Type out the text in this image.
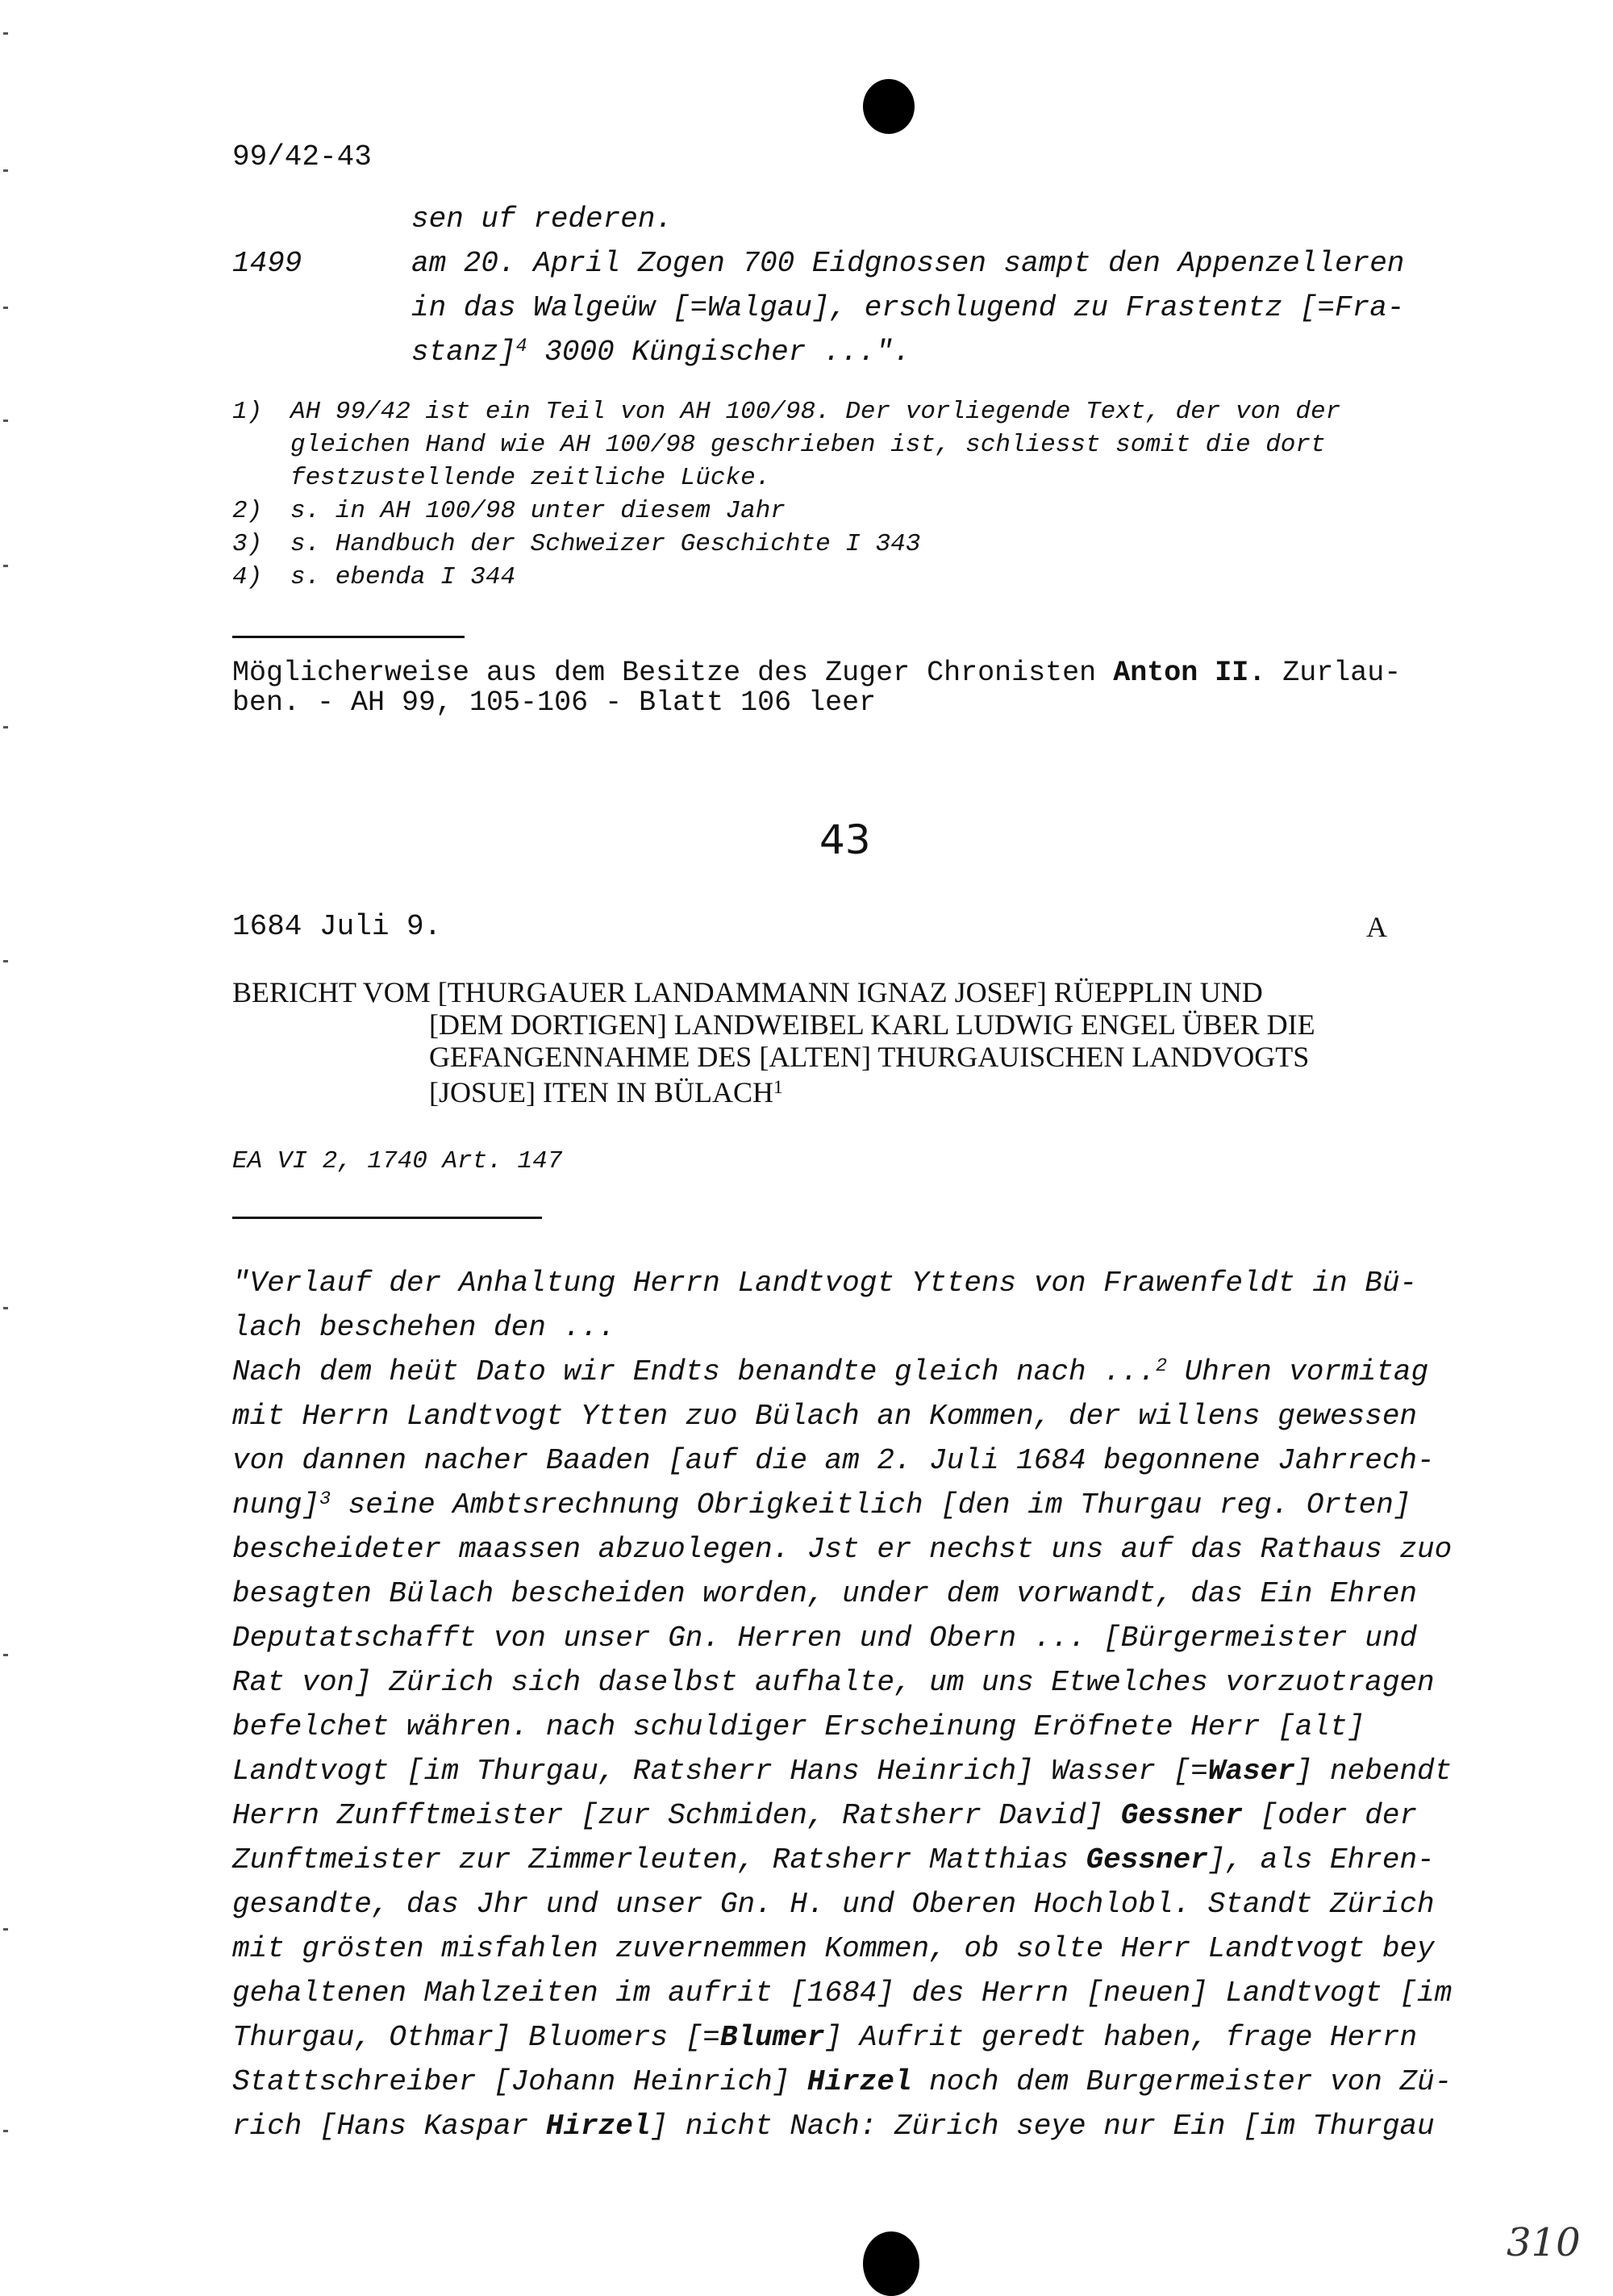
99/42-43
sen uf rederen.
1499	am 20. April Zogen 700 Eidgnossen sampt den Appenzelleren
in das Walgeüw [=Walgau], erschlugend zu Frastentz [=Fra-
stanz]$^4$ 3000 Küngischer ...".
1) AH 99/42 ist ein Teil von AH 100/98. Der vorliegende Text, der von der
gleichen Hand wie AH 100/98 geschrieben ist, schliesst somit die dort
festzustellende zeitliche Lücke.
2) s. in AH 100/98 unter diesem Jahr
3) s. Handbuch der Schweizer Geschichte I 343
4) s. ebenda I 344
Möglicherweise aus dem Besitze des Zuger Chronisten Anton II. Zurlau-
ben. - AH 99, 105-106 - Blatt 106 leer
43
1684 Juli 9.	A
BERICHT VOM [THURGAUER LANDAMMANN IGNAZ JOSEF] RÜEPPLIN UND
[DEM DORTIGEN] LANDWEIBEL KARL LUDWIG ENGEL ÜBER DIE
GEFANGENNAHME DES [ALTEN] THURGAUISCHEN LANDVOGTS
[JOSUE] ITEN IN BÜLACH$^1$
EA VI 2, 1740 Art. 147
"Verlauf der Anhaltung Herrn Landtvogt Yttens von Frawenfeldt in Bü-
lach beschehen den ...
Nach dem heüt Dato wir Endts benandte gleich nach ...$^2$ Uhren vormitag
mit Herrn Landtvogt Ytten zuo Bülach an Kommen, der willens gewessen
von dannen nacher Baaden [auf die am 2. Juli 1684 begonnene Jahrrech-
nung]$^3$ seine Ambtsrechnung Obrigkeitlich [den im Thurgau reg. Orten]
bescheideter maassen abzuolegen. Jst er nechst uns auf das Rathaus zuo
besagten Bülach bescheiden worden, under dem vorwandt, das Ein Ehren
Deputatschafft von unser Gn. Herren und Obern ... [Bürgermeister und
Rat von] Zürich sich daselbst aufhalte, um uns Etwelches vorzuotragen
befelchet währen. nach schuldiger Erscheinung Eröfnete Herr [alt]
Landtvogt [im Thurgau, Ratsherr Hans Heinrich] Wasser [=Waser] nebendt
Herrn Zunfftmeister [zur Schmiden, Ratsherr David] Gessner [oder der
Zunftmeister zur Zimmerleuten, Ratsherr Matthias Gessner], als Ehren-
gesandte, das Jhr und unser Gn. H. und Oberen Hochlobl. Standt Zürich
mit grösten misfahlen zuvernemmen Kommen, ob solte Herr Landtvogt bey
gehaltenen Mahlzeiten im aufrit [1684] des Herrn [neuen] Landtvogt [im
Thurgau, Othmar] Bluomers [=Blumer] Aufrit geredt haben, frage Herrn
Stattschreiber [Johann Heinrich] Hirzel noch dem Burgermeister von Zü-
rich [Hans Kaspar Hirzel] nicht Nach: Zürich seye nur Ein [im Thurgau
310
